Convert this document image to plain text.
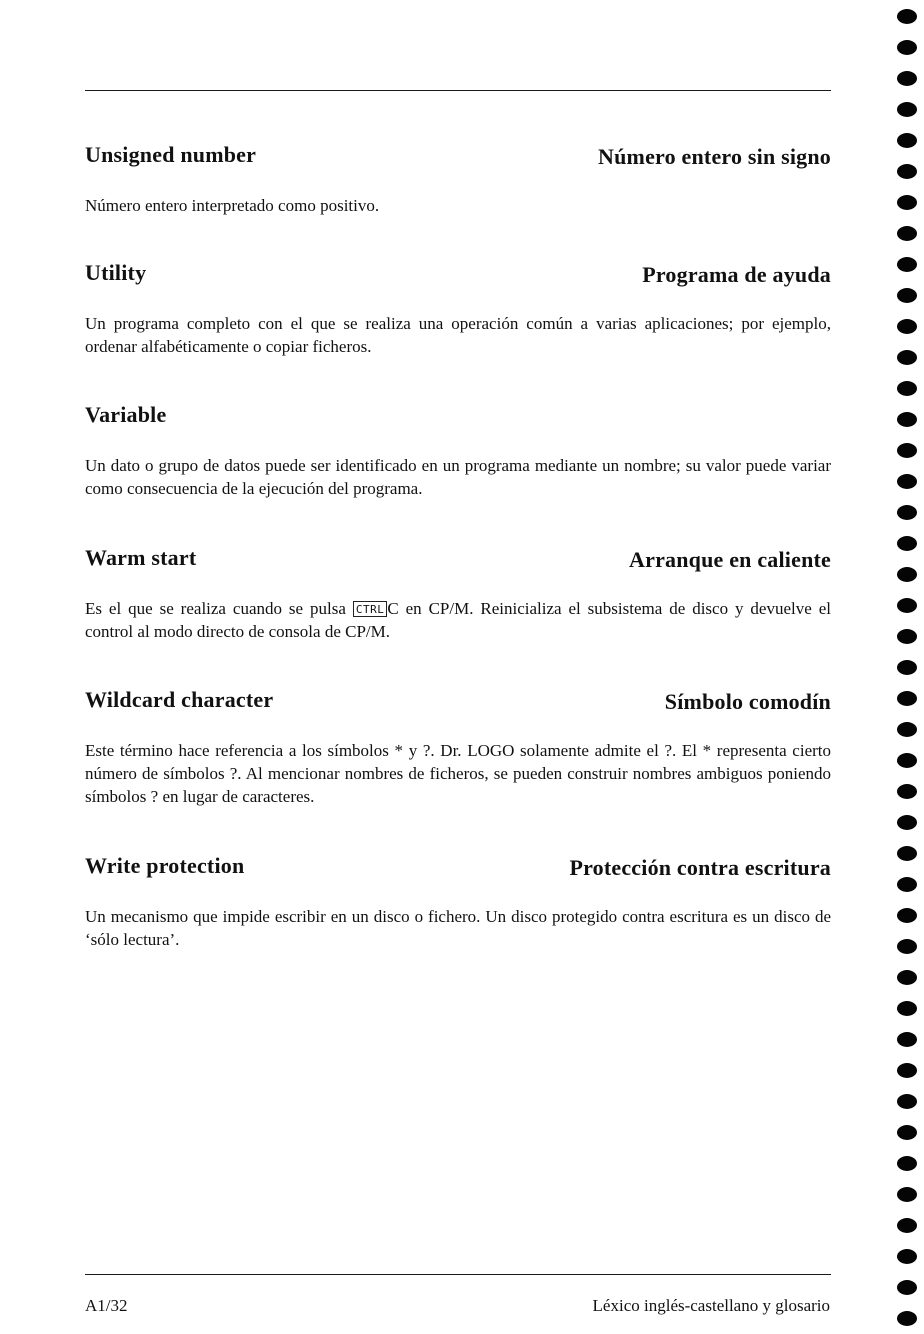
Unsigned number	Número entero sin signo

Número entero interpretado como positivo.

Utility	Programa de ayuda

Un programa completo con el que se realiza una operación común a varias aplicaciones; por ejemplo, ordenar alfabéticamente o copiar ficheros.

Variable

Un dato o grupo de datos puede ser identificado en un programa mediante un nombre; su valor puede variar como consecuencia de la ejecución del programa.

Warm start	Arranque en caliente

Es el que se realiza cuando se pulsa CTRL C en CP/M. Reinicializa el subsistema de disco y devuelve el control al modo directo de consola de CP/M.

Wildcard character	Símbolo comodín

Este término hace referencia a los símbolos * y ?. Dr. LOGO solamente admite el ?. El * representa cierto número de símbolos ?. Al mencionar nombres de ficheros, se pueden construir nombres ambiguos poniendo símbolos ? en lugar de caracteres.

Write protection	Protección contra escritura

Un mecanismo que impide escribir en un disco o fichero. Un disco protegido contra escritura es un disco de ‘sólo lectura’.

A1/32	Léxico inglés-castellano y glosario
